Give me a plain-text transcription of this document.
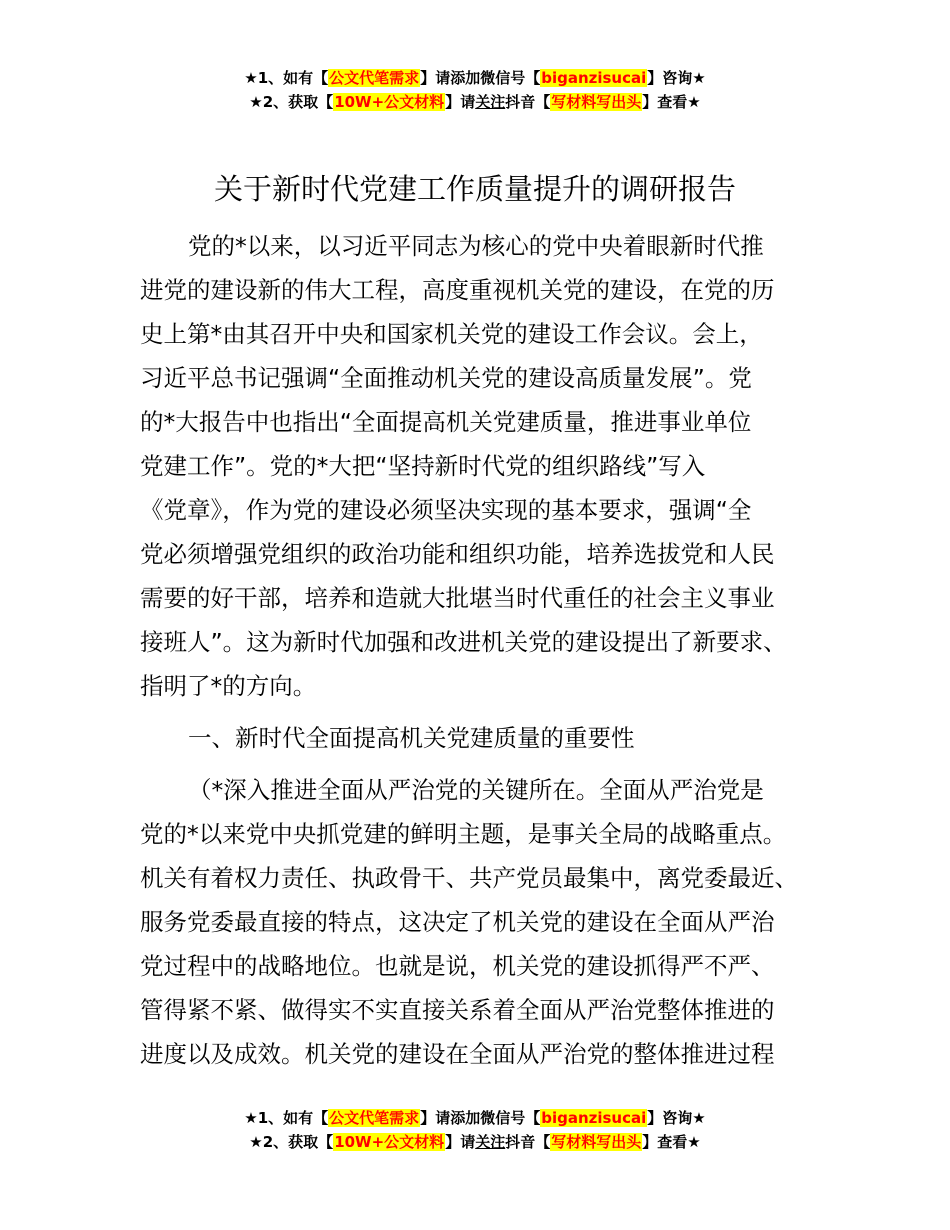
★1、如有【公文代笔需求】请添加微信号【biganzisucai】咨询★
★2、获取【10W+公文材料】请关注抖音【写材料写出头】查看★
关于新时代党建工作质量提升的调研报告
党的*以来，以习近平同志为核心的党中央着眼新时代推
进党的建设新的伟大工程，高度重视机关党的建设，在党的历
史上第*由其召开中央和国家机关党的建设工作会议。会上，
习近平总书记强调“全面推动机关党的建设高质量发展”。党
的*大报告中也指出“全面提高机关党建质量，推进事业单位
党建工作”。党的*大把“坚持新时代党的组织路线”写入
《党章》，作为党的建设必须坚决实现的基本要求，强调“全
党必须增强党组织的政治功能和组织功能，培养选拔党和人民
需要的好干部，培养和造就大批堪当时代重任的社会主义事业
接班人”。这为新时代加强和改进机关党的建设提出了新要求、
指明了*的方向。
一、新时代全面提高机关党建质量的重要性
（*深入推进全面从严治党的关键所在。全面从严治党是
党的*以来党中央抓党建的鲜明主题，是事关全局的战略重点。
机关有着权力责任、执政骨干、共产党员最集中，离党委最近、
服务党委最直接的特点，这决定了机关党的建设在全面从严治
党过程中的战略地位。也就是说，机关党的建设抓得严不严、
管得紧不紧、做得实不实直接关系着全面从严治党整体推进的
进度以及成效。机关党的建设在全面从严治党的整体推进过程
★1、如有【公文代笔需求】请添加微信号【biganzisucai】咨询★
★2、获取【10W+公文材料】请关注抖音【写材料写出头】查看★
